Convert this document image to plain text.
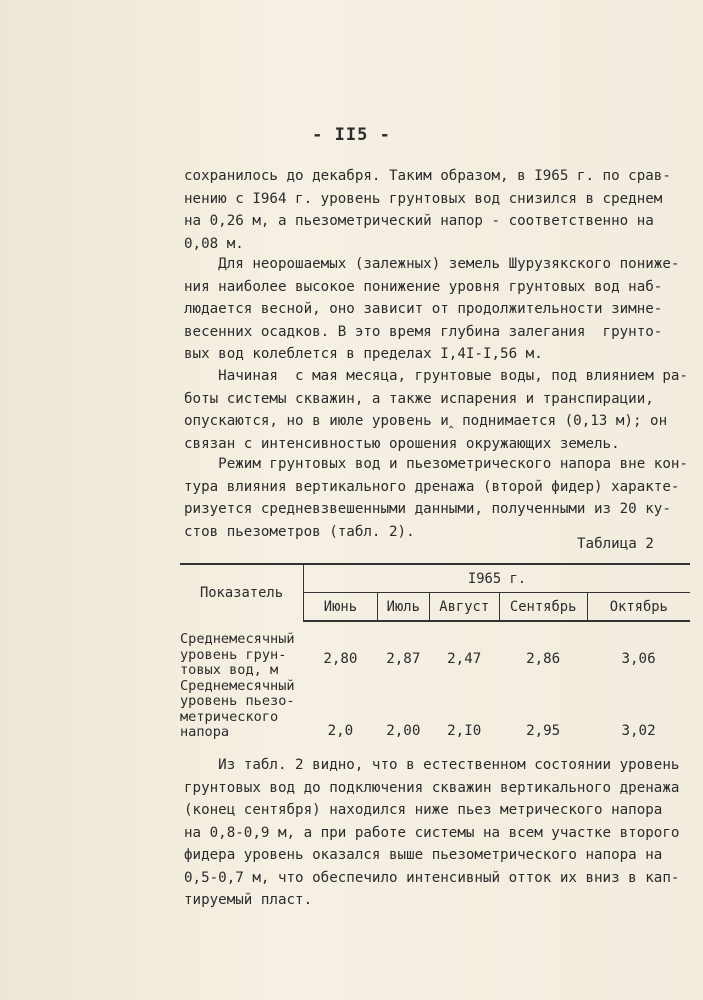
- II5 -

сохранилось до декабря. Таким образом, в I965 г. по срав-
нению с I964 г. уровень грунтовых вод снизился в среднем
на 0,26 м, а пьезометрический напор - соответственно на
0,08 м.

Для неорошаемых (залежных) земель Шурузякского пониже-
ния наиболее высокое понижение уровня грунтовых вод наб-
людается весной, оно зависит от продолжительности зимне-
весенних осадков. В это время глубина залегания  грунто-
вых вод колеблется в пределах I,4I-I,56 м.

Начиная  с мая месяца, грунтовые воды, под влиянием ра-
боты системы скважин, а также испарения и транспирации,
опускаются, но в июле уровень и‸ поднимается (0,13 м); он
связан с интенсивностью орошения окружающих земель.

Режим грунтовых вод и пьезометрического напора вне кон-
тура влияния вертикального дренажа (второй фидер) характе-
ризуется средневзвешенными данными, полученными из 20 ку-
стов пьезометров (табл. 2).

Таблица 2
Показатель	I965 г.				
	Июнь	Июль	Август	Сентябрь	Октябрь
Среднемесячный
уровень грун-
товых вод, м	2,80	2,87	2,47	2,86	3,06
Среднемесячный
уровень пьезо-
метрического
напора	2,0	2,00	2,I0	2,95	3,02

Из табл. 2 видно, что в естественном состоянии уровень
грунтовых вод до подключения скважин вертикального дренажа
(конец сентября) находился ниже пьез метрического напора
на 0,8-0,9 м, а при работе системы на всем участке второго
фидера уровень оказался выше пьезометрического напора на
0,5-0,7 м, что обеспечило интенсивный отток их вниз в кап-
тируемый пласт.
